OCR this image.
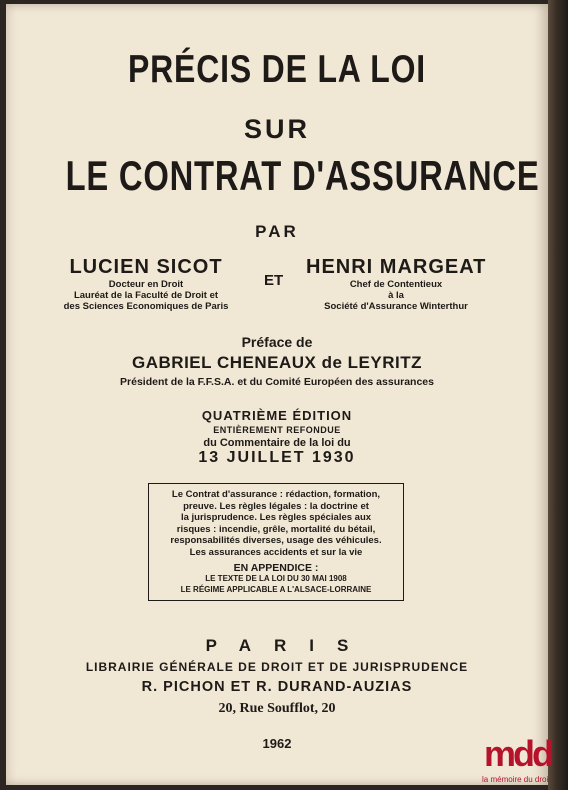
PRÉCIS DE LA LOI
SUR
LE CONTRAT D'ASSURANCE
PAR
LUCIEN SICOT
Docteur en Droit
Lauréat de la Faculté de Droit et
des Sciences Economiques de Paris
ET
HENRI MARGEAT
Chef de Contentieux
à la
Société d'Assurance Winterthur
Préface de
GABRIEL CHENEAUX de LEYRITZ
Président de la F.F.S.A. et du Comité Européen des assurances
QUATRIÈME ÉDITION
ENTIÈREMENT REFONDUE
du Commentaire de la loi du
13 JUILLET 1930
Le Contrat d'assurance : rédaction, formation,
preuve. Les règles légales : la doctrine et
la jurisprudence. Les règles spéciales aux
risques : incendie, grêle, mortalité du bétail,
responsabilités diverses, usage des véhicules.
Les assurances accidents et sur la vie
EN APPENDICE :
LE TEXTE DE LA LOI DU 30 MAI 1908
LE RÉGIME APPLICABLE A L'ALSACE-LORRAINE
PARIS
LIBRAIRIE GÉNÉRALE DE DROIT ET DE JURISPRUDENCE
R. PICHON ET R. DURAND-AUZIAS
20, Rue Soufflot, 20
1962	mdd
la mémoire du droit
